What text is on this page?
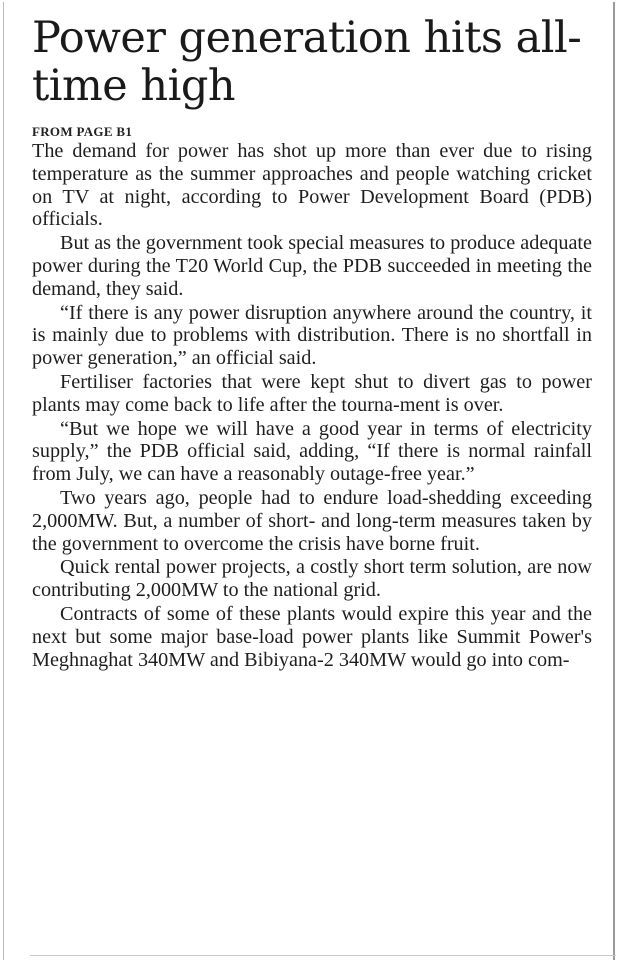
Power generation hits all-time high
FROM PAGE B1

The demand for power has shot up more than ever due to rising temperature as the summer approaches and people watching cricket on TV at night, according to Power Development Board (PDB) officials.

But as the government took special measures to produce adequate power during the T20 World Cup, the PDB succeeded in meeting the demand, they said.

“If there is any power disruption anywhere around the country, it is mainly due to problems with distribution. There is no shortfall in power generation,” an official said.

Fertiliser factories that were kept shut to divert gas to power plants may come back to life after the tourna-ment is over.

“But we hope we will have a good year in terms of electricity supply,” the PDB official said, adding, “If there is normal rainfall from July, we can have a reasonably outage-free year.”

Two years ago, people had to endure load-shedding exceeding 2,000MW. But, a number of short- and long-term measures taken by the government to overcome the crisis have borne fruit.

Quick rental power projects, a costly short term solution, are now contributing 2,000MW to the national grid.

Contracts of some of these plants would expire this year and the next but some major base-load power plants like Summit Power's Meghnaghat 340MW and Bibiyana-2 340MW would go into com-
